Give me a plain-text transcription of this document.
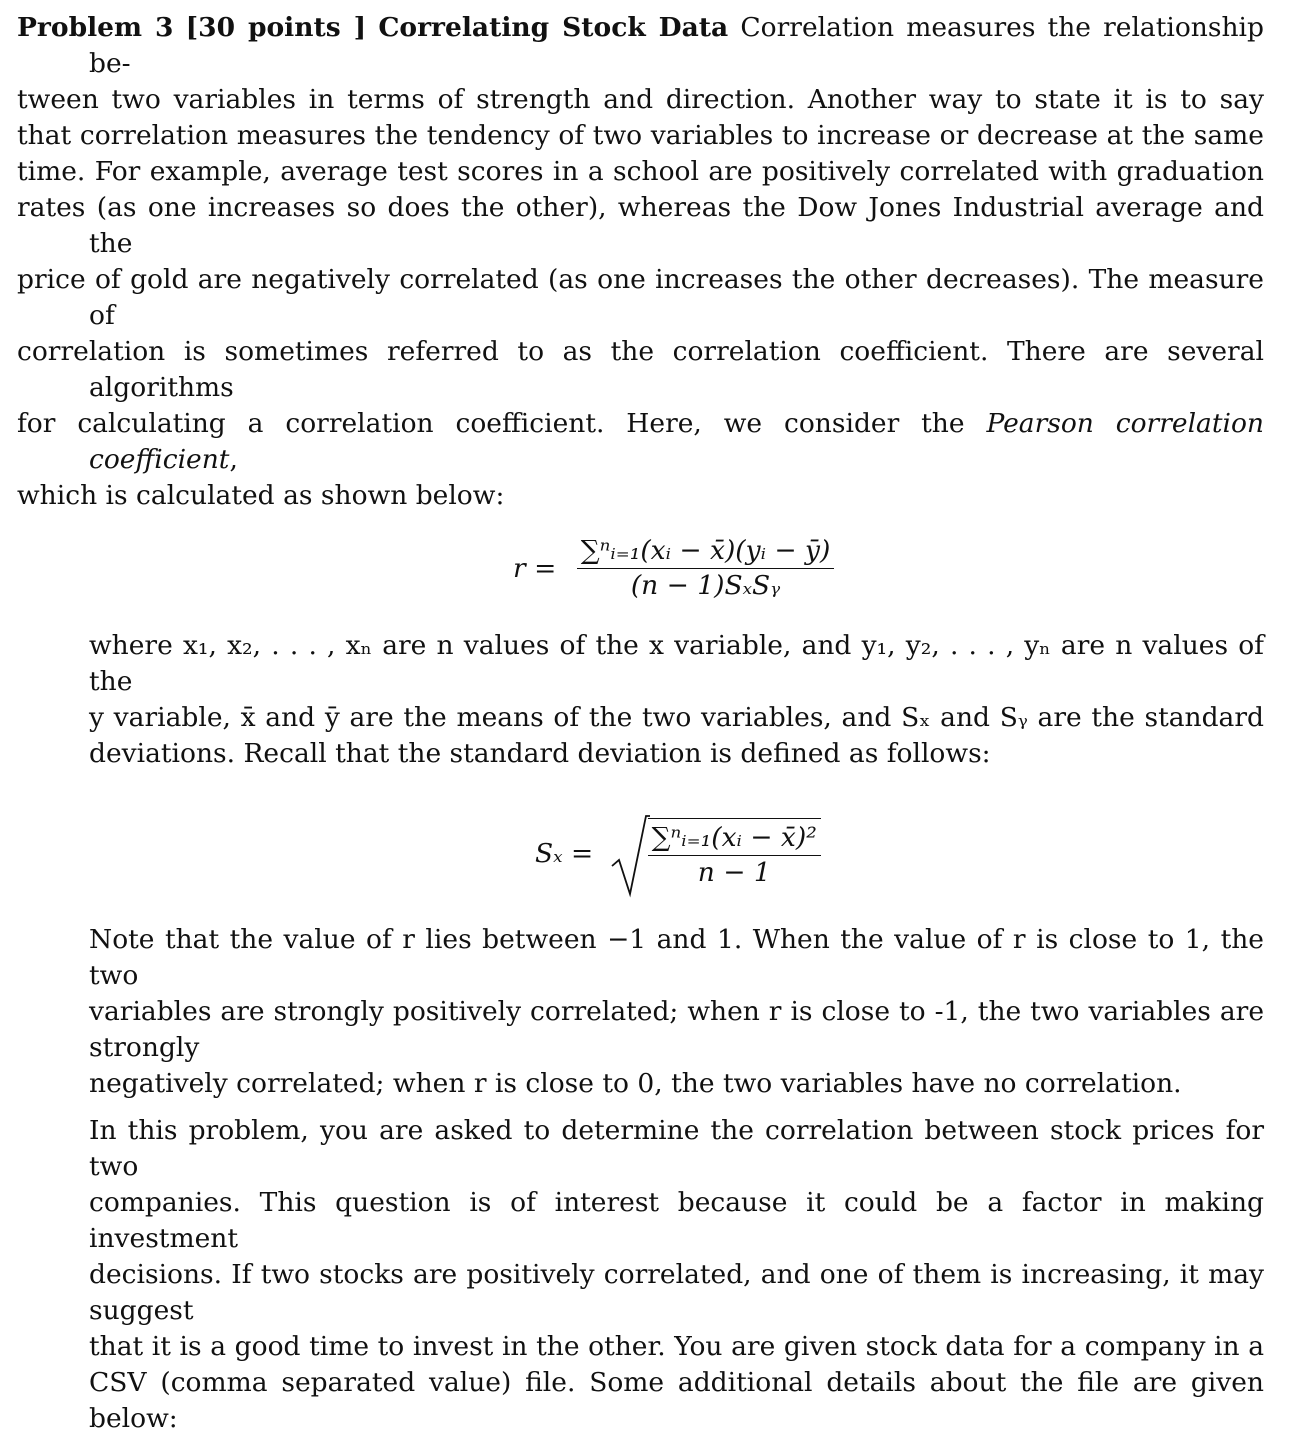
Problem 3 [30 points ] Correlating Stock Data Correlation measures the relationship be-
tween two variables in terms of strength and direction. Another way to state it is to say
that correlation measures the tendency of two variables to increase or decrease at the same
time. For example, average test scores in a school are positively correlated with graduation
rates (as one increases so does the other), whereas the Dow Jones Industrial average and the
price of gold are negatively correlated (as one increases the other decreases). The measure of
correlation is sometimes referred to as the correlation coefficient. There are several algorithms
for calculating a correlation coefficient. Here, we consider the Pearson correlation coefficient,
which is calculated as shown below:

$r = \frac{\text{∑ⁿᵢ₌₁(xᵢ − x̄)(yᵢ − ȳ)}}{\text{(n − 1)SₓSᵧ}}$

where x₁, x₂, . . . , xₙ are n values of the x variable, and y₁, y₂, . . . , yₙ are n values of the
y variable, x̄ and ȳ are the means of the two variables, and Sₓ and Sᵧ are the standard
deviations. Recall that the standard deviation is defined as follows:

$S_x = \frac{\text{∑ⁿᵢ₌₁(xᵢ − x̄)²}}{n - 1}$

Note that the value of r lies between −1 and 1. When the value of r is close to 1, the two
variables are strongly positively correlated; when r is close to -1, the two variables are strongly
negatively correlated; when r is close to 0, the two variables have no correlation.

In this problem, you are asked to determine the correlation between stock prices for two
companies. This question is of interest because it could be a factor in making investment
decisions. If two stocks are positively correlated, and one of them is increasing, it may suggest
that it is a good time to invest in the other. You are given stock data for a company in a
CSV (comma separated value) file. Some additional details about the file are given below:
